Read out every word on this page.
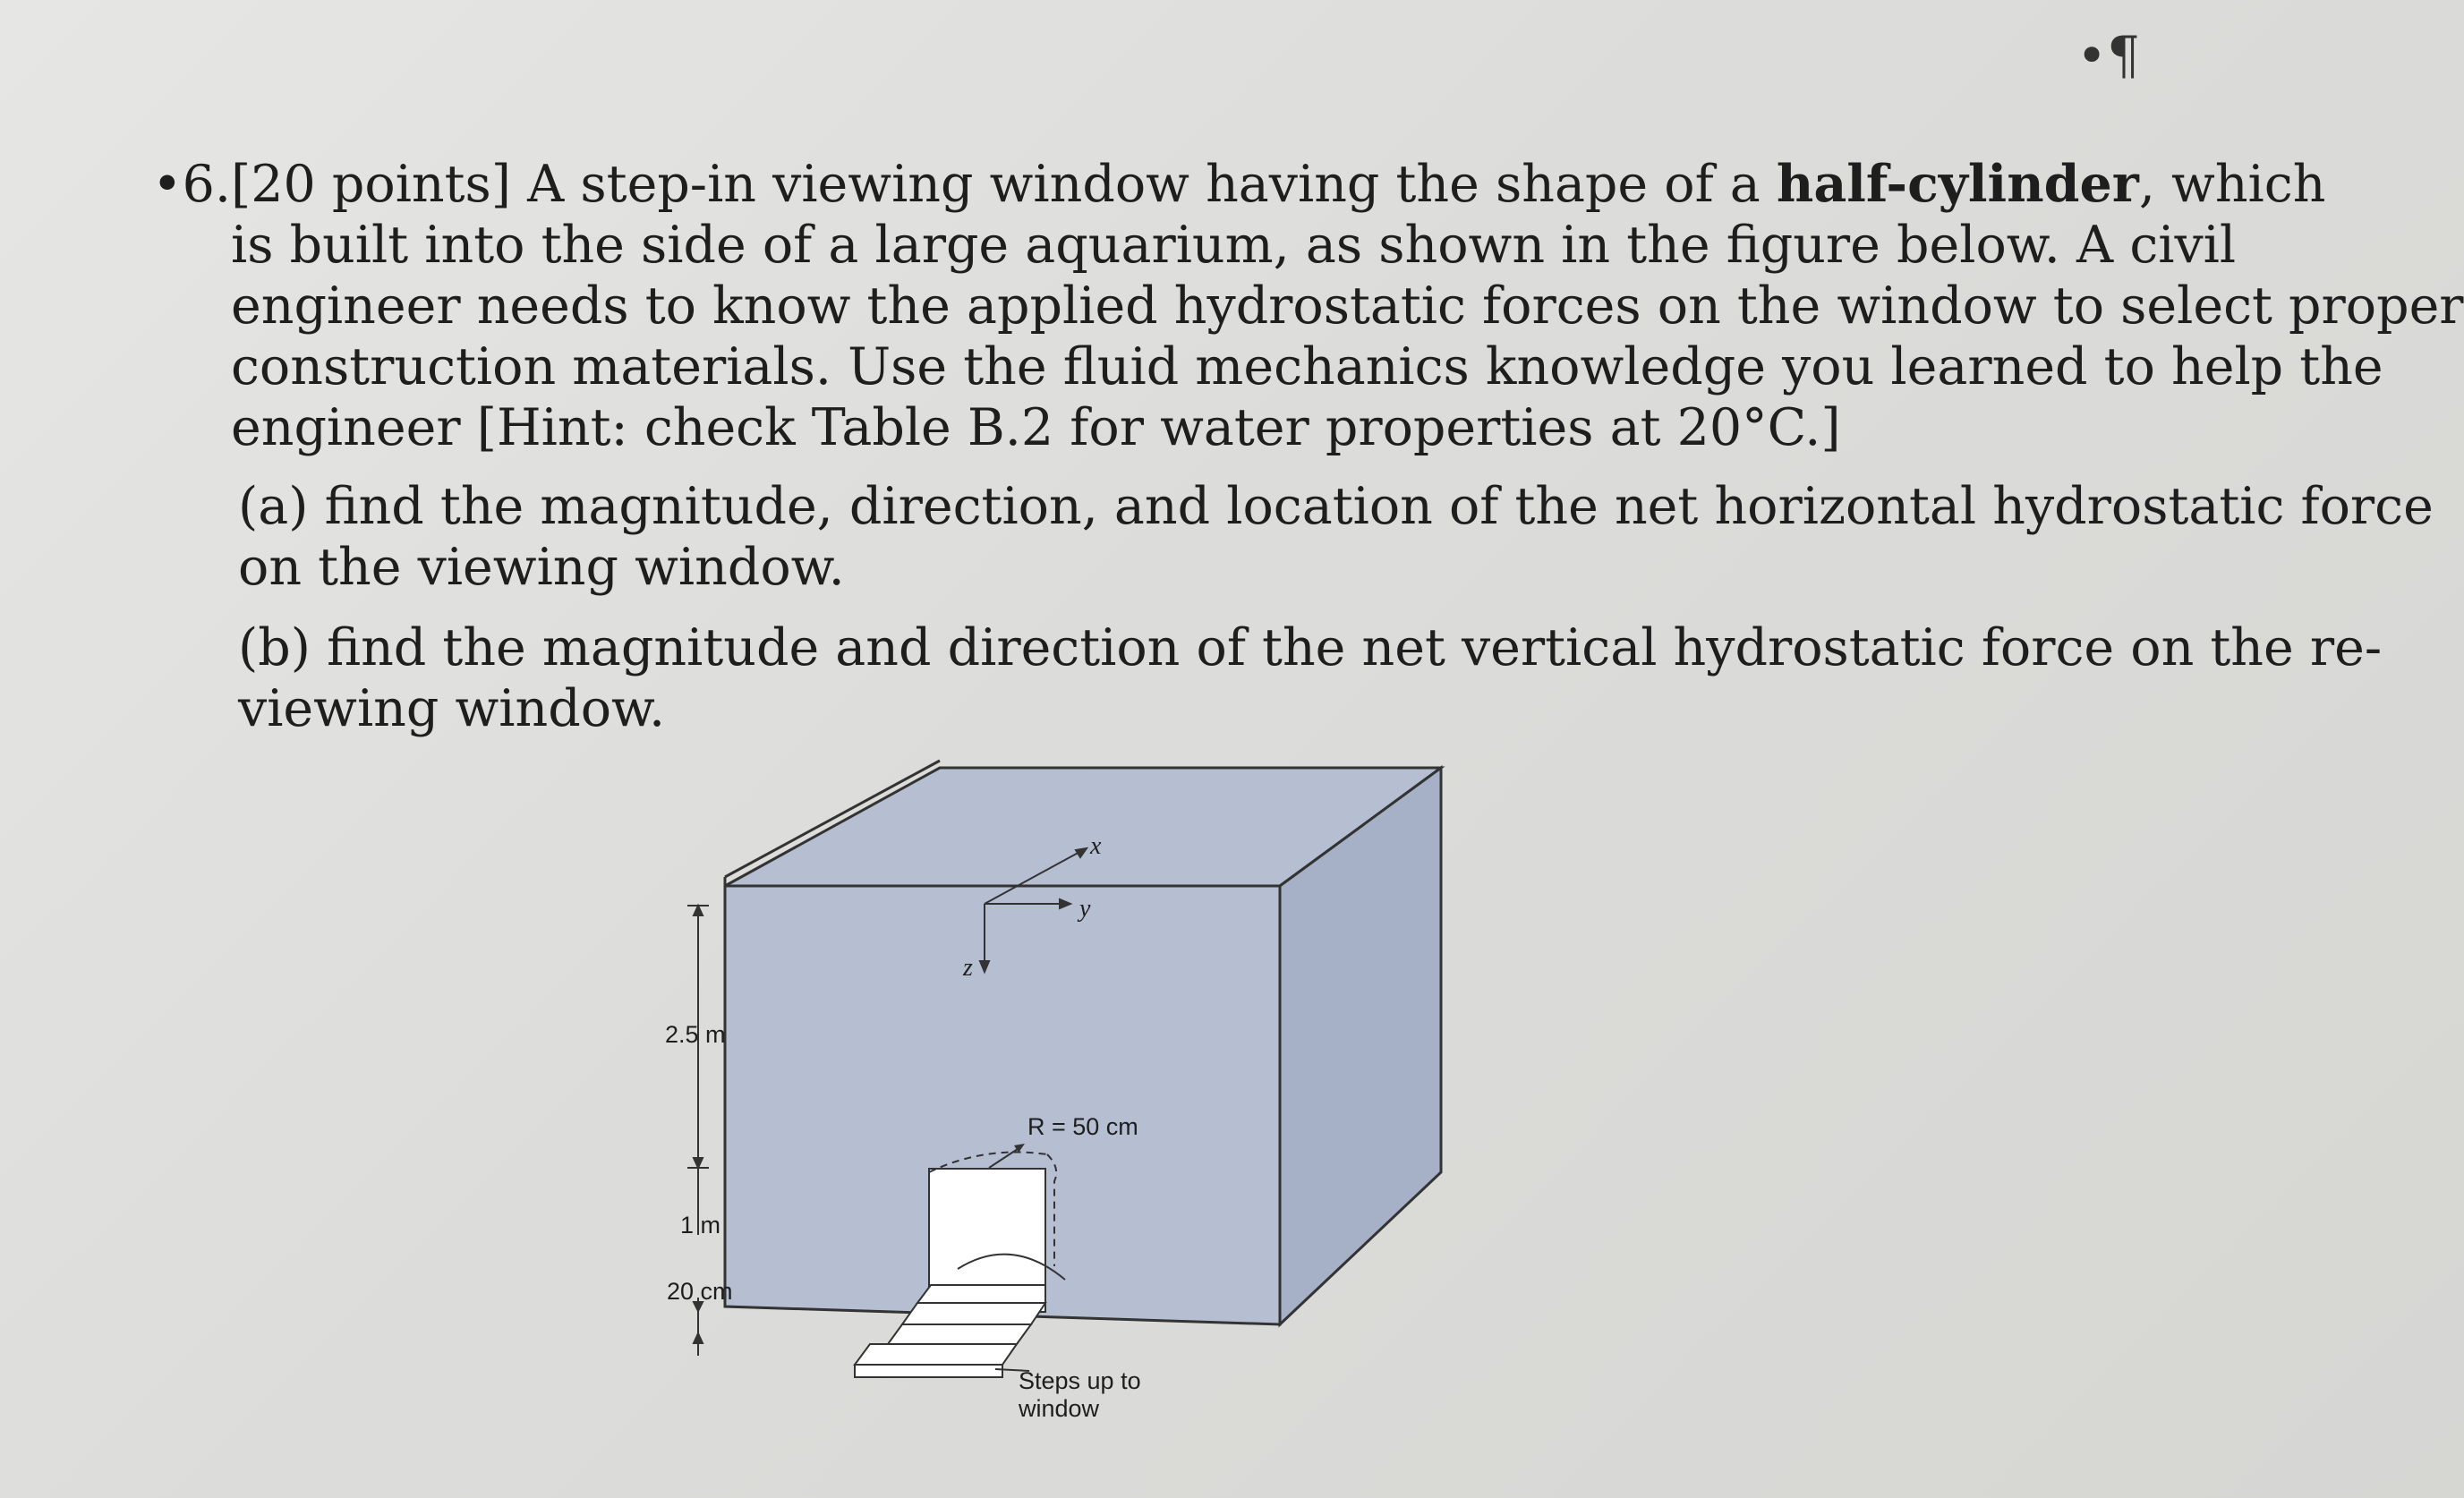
•¶
•6. [20 points] A step-in viewing window having the shape of a half-cylinder, which
is built into the side of a large aquarium, as shown in the figure below. A civil
engineer needs to know the applied hydrostatic forces on the window to select proper
construction materials. Use the fluid mechanics knowledge you learned to help the
engineer [Hint: check Table B.2 for water properties at 20°C.]
(a) find the magnitude, direction, and location of the net horizontal hydrostatic force
on the viewing window.
(b) find the magnitude and direction of the net vertical hydrostatic force on the re-
viewing window.
x
y
z
R = 50 cm
2.5 m
1 m
20 cm
Steps up to
window
